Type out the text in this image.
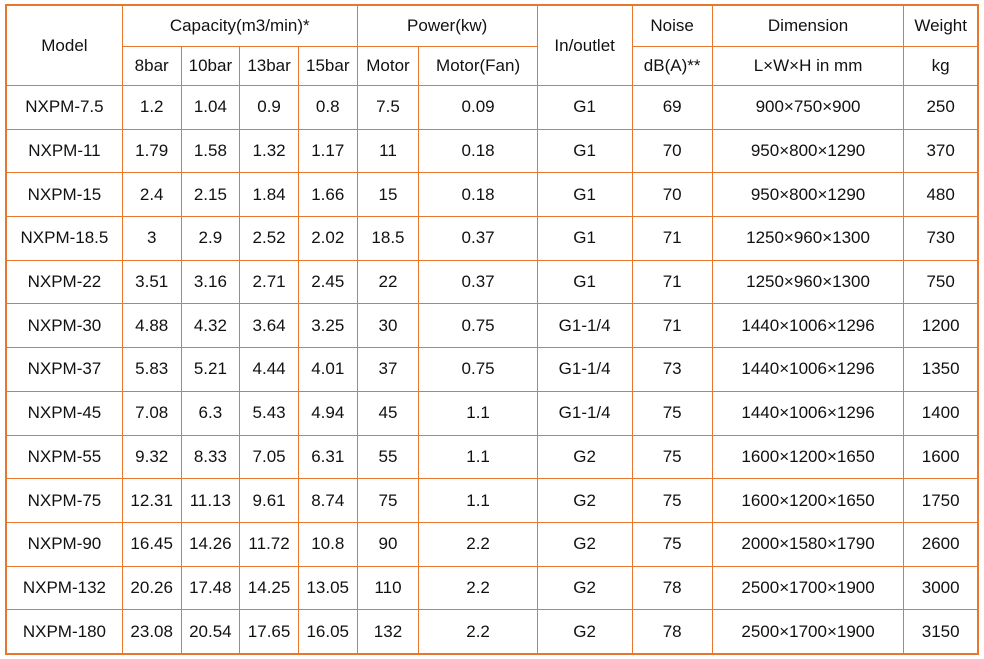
Model	Capacity(m3/min)*				Power(kw)		In/outlet	Noise	Dimension	Weight
	8bar	10bar	13bar	15bar	Motor	Motor(Fan)		dB(A)**	L×W×H in mm	kg
NXPM-7.5	1.2	1.04	0.9	0.8	7.5	0.09	G1	69	900×750×900	250
NXPM-11	1.79	1.58	1.32	1.17	11	0.18	G1	70	950×800×1290	370
NXPM-15	2.4	2.15	1.84	1.66	15	0.18	G1	70	950×800×1290	480
NXPM-18.5	3	2.9	2.52	2.02	18.5	0.37	G1	71	1250×960×1300	730
NXPM-22	3.51	3.16	2.71	2.45	22	0.37	G1	71	1250×960×1300	750
NXPM-30	4.88	4.32	3.64	3.25	30	0.75	G1-1/4	71	1440×1006×1296	1200
NXPM-37	5.83	5.21	4.44	4.01	37	0.75	G1-1/4	73	1440×1006×1296	1350
NXPM-45	7.08	6.3	5.43	4.94	45	1.1	G1-1/4	75	1440×1006×1296	1400
NXPM-55	9.32	8.33	7.05	6.31	55	1.1	G2	75	1600×1200×1650	1600
NXPM-75	12.31	11.13	9.61	8.74	75	1.1	G2	75	1600×1200×1650	1750
NXPM-90	16.45	14.26	11.72	10.8	90	2.2	G2	75	2000×1580×1790	2600
NXPM-132	20.26	17.48	14.25	13.05	110	2.2	G2	78	2500×1700×1900	3000
NXPM-180	23.08	20.54	17.65	16.05	132	2.2	G2	78	2500×1700×1900	3150
